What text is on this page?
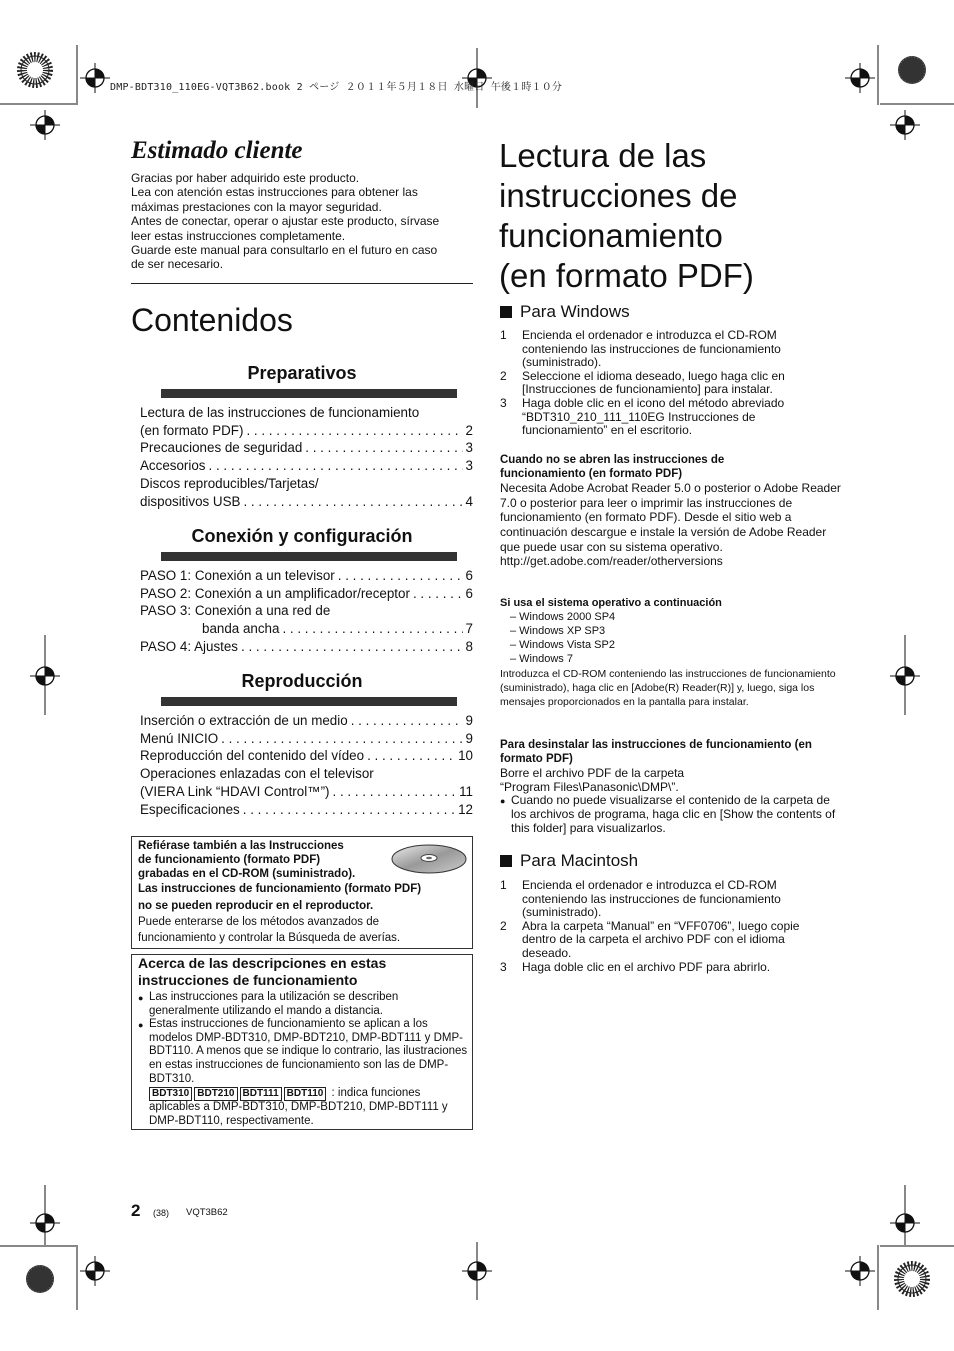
DMP-BDT310_110EG-VQT3B62.book 2 ページ ２０１１年５月１８日 水曜日 午後１時１０分
Estimado cliente

Gracias por haber adquirido este producto.

Lea con atención estas instrucciones para obtener las

máximas prestaciones con la mayor seguridad.

Antes de conectar, operar o ajustar este producto, sírvase

leer estas instrucciones completamente.

Guarde este manual para consultarlo en el futuro en caso

de ser necesario.

Contenidos
Preparativos
Lectura de las instrucciones de funcionamiento
(en formato PDF) . . .	2
Precauciones de seguridad . . .	3
Accesorios . . .	3
Discos reproducibles/Tarjetas/
dispositivos USB . . .	4
Conexión y configuración
PASO 1: Conexión a un televisor . . .	6
PASO 2: Conexión a un amplificador/receptor . . .	6
PASO 3: Conexión a una red de
banda ancha . . .	7
PASO 4: Ajustes . . .	8
Reproducción
Inserción o extracción de un medio . . .	9
Menú INICIO . . .	9
Reproducción del contenido del vídeo . . .	10
Operaciones enlazadas con el televisor
(VIERA Link “HDAVI Control™”) . . .	11
Especificaciones . . .	12
Refiérase también a las Instrucciones
de funcionamiento (formato PDF)
grabadas en el CD-ROM (suministrado).
Las instrucciones de funcionamiento (formato PDF)
no se pueden reproducir en el reproductor.
Puede enterarse de los métodos avanzados de
funcionamiento y controlar la Búsqueda de averías.
Acerca de las descripciones en estas
instrucciones de funcionamiento
● Las instrucciones para la utilización se describen generalmente utilizando el mando a distancia.
● Estas instrucciones de funcionamiento se aplican a los modelos DMP-BDT310, DMP-BDT210, DMP-BDT111 y DMP-BDT110. A menos que se indique lo contrario, las ilustraciones en estas instrucciones de funcionamiento son las de DMP-BDT310.
BDT310 BDT210 BDT111 BDT110 : indica funciones aplicables a DMP-BDT310, DMP-BDT210, DMP-BDT111 y DMP-BDT110, respectivamente.
Lectura de las
instrucciones de
funcionamiento
(en formato PDF)
Para Windows
1 Encienda el ordenador e introduzca el CD-ROM conteniendo las instrucciones de funcionamiento (suministrado).
2 Seleccione el idioma deseado, luego haga clic en [Instrucciones de funcionamiento] para instalar.
3 Haga doble clic en el icono del método abreviado “BDT310_210_111_110EG Instrucciones de funcionamiento” en el escritorio.
Cuando no se abren las instrucciones de funcionamiento (en formato PDF)
Necesita Adobe Acrobat Reader 5.0 o posterior o Adobe Reader 7.0 o posterior para leer o imprimir las instrucciones de funcionamiento (en formato PDF). Desde el sitio web a continuación descargue e instale la versión de Adobe Reader que puede usar con su sistema operativo.
http://get.adobe.com/reader/otherversions
Si usa el sistema operativo a continuación
– Windows 2000 SP4
– Windows XP SP3
– Windows Vista SP2
– Windows 7
Introduzca el CD-ROM conteniendo las instrucciones de funcionamiento (suministrado), haga clic en [Adobe(R) Reader(R)] y, luego, siga los mensajes proporcionados en la pantalla para instalar.
Para desinstalar las instrucciones de funcionamiento (en formato PDF)
Borre el archivo PDF de la carpeta
“Program Files\Panasonic\DMP\”.
● Cuando no puede visualizarse el contenido de la carpeta de los archivos de programa, haga clic en [Show the contents of this folder] para visualizarlos.
Para Macintosh
1 Encienda el ordenador e introduzca el CD-ROM conteniendo las instrucciones de funcionamiento (suministrado).
2 Abra la carpeta “Manual” en “VFF0706”, luego copie dentro de la carpeta el archivo PDF con el idioma deseado.
3 Haga doble clic en el archivo PDF para abrirlo.
2 (38) VQT3B62
